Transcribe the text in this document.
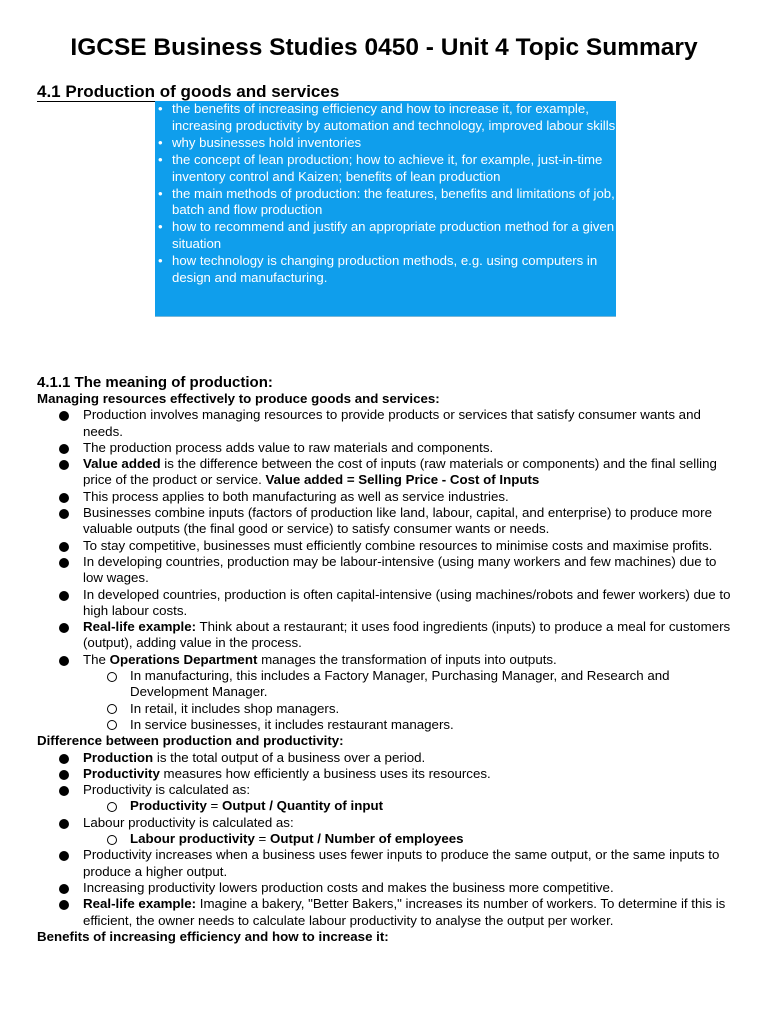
IGCSE Business Studies 0450 - Unit 4 Topic Summary
4.1 Production of goods and services
• the benefits of increasing efficiency and how to increase it, for example, increasing productivity by automation and technology, improved labour skills
• why businesses hold inventories
• the concept of lean production; how to achieve it, for example, just-in-time inventory control and Kaizen; benefits of lean production
• the main methods of production: the features, benefits and limitations of job, batch and flow production
• how to recommend and justify an appropriate production method for a given situation
• how technology is changing production methods, e.g. using computers in design and manufacturing.
4.1.1 The meaning of production:

Managing resources effectively to produce goods and services:

Production involves managing resources to provide products or services that satisfy consumer wants and needs.
The production process adds value to raw materials and components.
Value added is the difference between the cost of inputs (raw materials or components) and the final selling price of the product or service. Value added = Selling Price - Cost of Inputs
This process applies to both manufacturing as well as service industries.
Businesses combine inputs (factors of production like land, labour, capital, and enterprise) to produce more valuable outputs (the final good or service) to satisfy consumer wants or needs.
To stay competitive, businesses must efficiently combine resources to minimise costs and maximise profits.
In developing countries, production may be labour-intensive (using many workers and few machines) due to low wages.
In developed countries, production is often capital-intensive (using machines/robots and fewer workers) due to high labour costs.
Real-life example: Think about a restaurant; it uses food ingredients (inputs) to produce a meal for customers (output), adding value in the process.
The Operations Department manages the transformation of inputs into outputs.
In manufacturing, this includes a Factory Manager, Purchasing Manager, and Research and Development Manager.
In retail, it includes shop managers.
In service businesses, it includes restaurant managers.

Difference between production and productivity:

Production is the total output of a business over a period.
Productivity measures how efficiently a business uses its resources.
Productivity is calculated as:
Productivity = Output / Quantity of input
Labour productivity is calculated as:
Labour productivity = Output / Number of employees
Productivity increases when a business uses fewer inputs to produce the same output, or the same inputs to produce a higher output.
Increasing productivity lowers production costs and makes the business more competitive.
Real-life example: Imagine a bakery, "Better Bakers," increases its number of workers. To determine if this is efficient, the owner needs to calculate labour productivity to analyse the output per worker.

Benefits of increasing efficiency and how to increase it:
